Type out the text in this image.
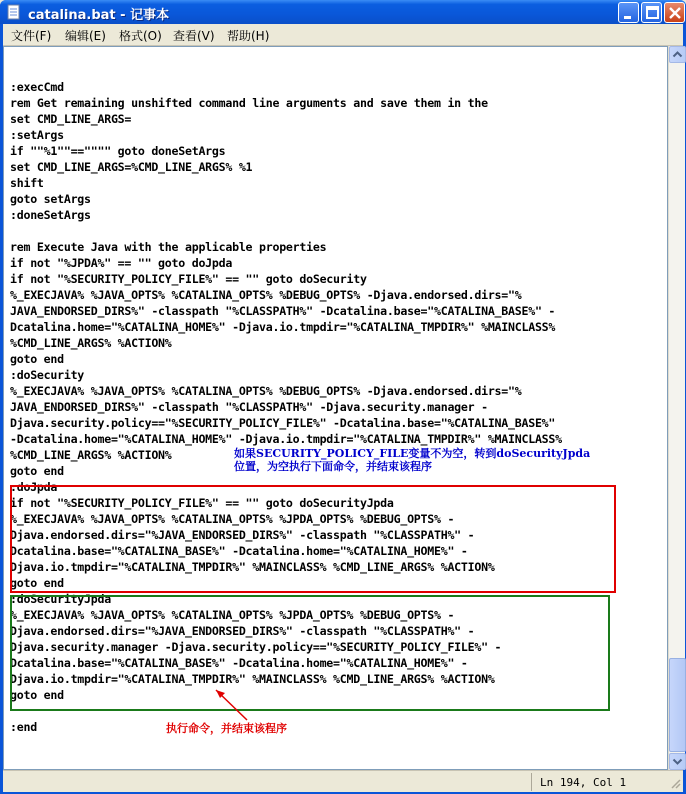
catalina.bat - 记事本
文件(F) 编辑(E) 格式(O) 查看(V) 帮助(H)
:execCmd
rem Get remaining unshifted command line arguments and save them in the
set CMD_LINE_ARGS=
:setArgs
if ""%1""=="""" goto doneSetArgs
set CMD_LINE_ARGS=%CMD_LINE_ARGS% %1
shift
goto setArgs
:doneSetArgs
rem Execute Java with the applicable properties
if not "%JPDA%" == "" goto doJpda
if not "%SECURITY_POLICY_FILE%" == "" goto doSecurity
%_EXECJAVA% %JAVA_OPTS% %CATALINA_OPTS% %DEBUG_OPTS% -Djava.endorsed.dirs="%
JAVA_ENDORSED_DIRS%" -classpath "%CLASSPATH%" -Dcatalina.base="%CATALINA_BASE%" -
Dcatalina.home="%CATALINA_HOME%" -Djava.io.tmpdir="%CATALINA_TMPDIR%" %MAINCLASS%
%CMD_LINE_ARGS% %ACTION%
goto end
:doSecurity
%_EXECJAVA% %JAVA_OPTS% %CATALINA_OPTS% %DEBUG_OPTS% -Djava.endorsed.dirs="%
JAVA_ENDORSED_DIRS%" -classpath "%CLASSPATH%" -Djava.security.manager -
Djava.security.policy=="%SECURITY_POLICY_FILE%" -Dcatalina.base="%CATALINA_BASE%"
-Dcatalina.home="%CATALINA_HOME%" -Djava.io.tmpdir="%CATALINA_TMPDIR%" %MAINCLASS%
%CMD_LINE_ARGS% %ACTION%
goto end
:doJpda
if not "%SECURITY_POLICY_FILE%" == "" goto doSecurityJpda
%_EXECJAVA% %JAVA_OPTS% %CATALINA_OPTS% %JPDA_OPTS% %DEBUG_OPTS% -
Djava.endorsed.dirs="%JAVA_ENDORSED_DIRS%" -classpath "%CLASSPATH%" -
Dcatalina.base="%CATALINA_BASE%" -Dcatalina.home="%CATALINA_HOME%" -
Djava.io.tmpdir="%CATALINA_TMPDIR%" %MAINCLASS% %CMD_LINE_ARGS% %ACTION%
goto end
:doSecurityJpda
%_EXECJAVA% %JAVA_OPTS% %CATALINA_OPTS% %JPDA_OPTS% %DEBUG_OPTS% -
Djava.endorsed.dirs="%JAVA_ENDORSED_DIRS%" -classpath "%CLASSPATH%" -
Djava.security.manager -Djava.security.policy=="%SECURITY_POLICY_FILE%" -
Dcatalina.base="%CATALINA_BASE%" -Dcatalina.home="%CATALINA_HOME%" -
Djava.io.tmpdir="%CATALINA_TMPDIR%" %MAINCLASS% %CMD_LINE_ARGS% %ACTION%
goto end
:end
如果SECURITY_POLICY_FILE变量不为空，转到doSecurityJpda
位置，为空执行下面命令，并结束该程序
执行命令，并结束该程序
Ln 194, Col 1
